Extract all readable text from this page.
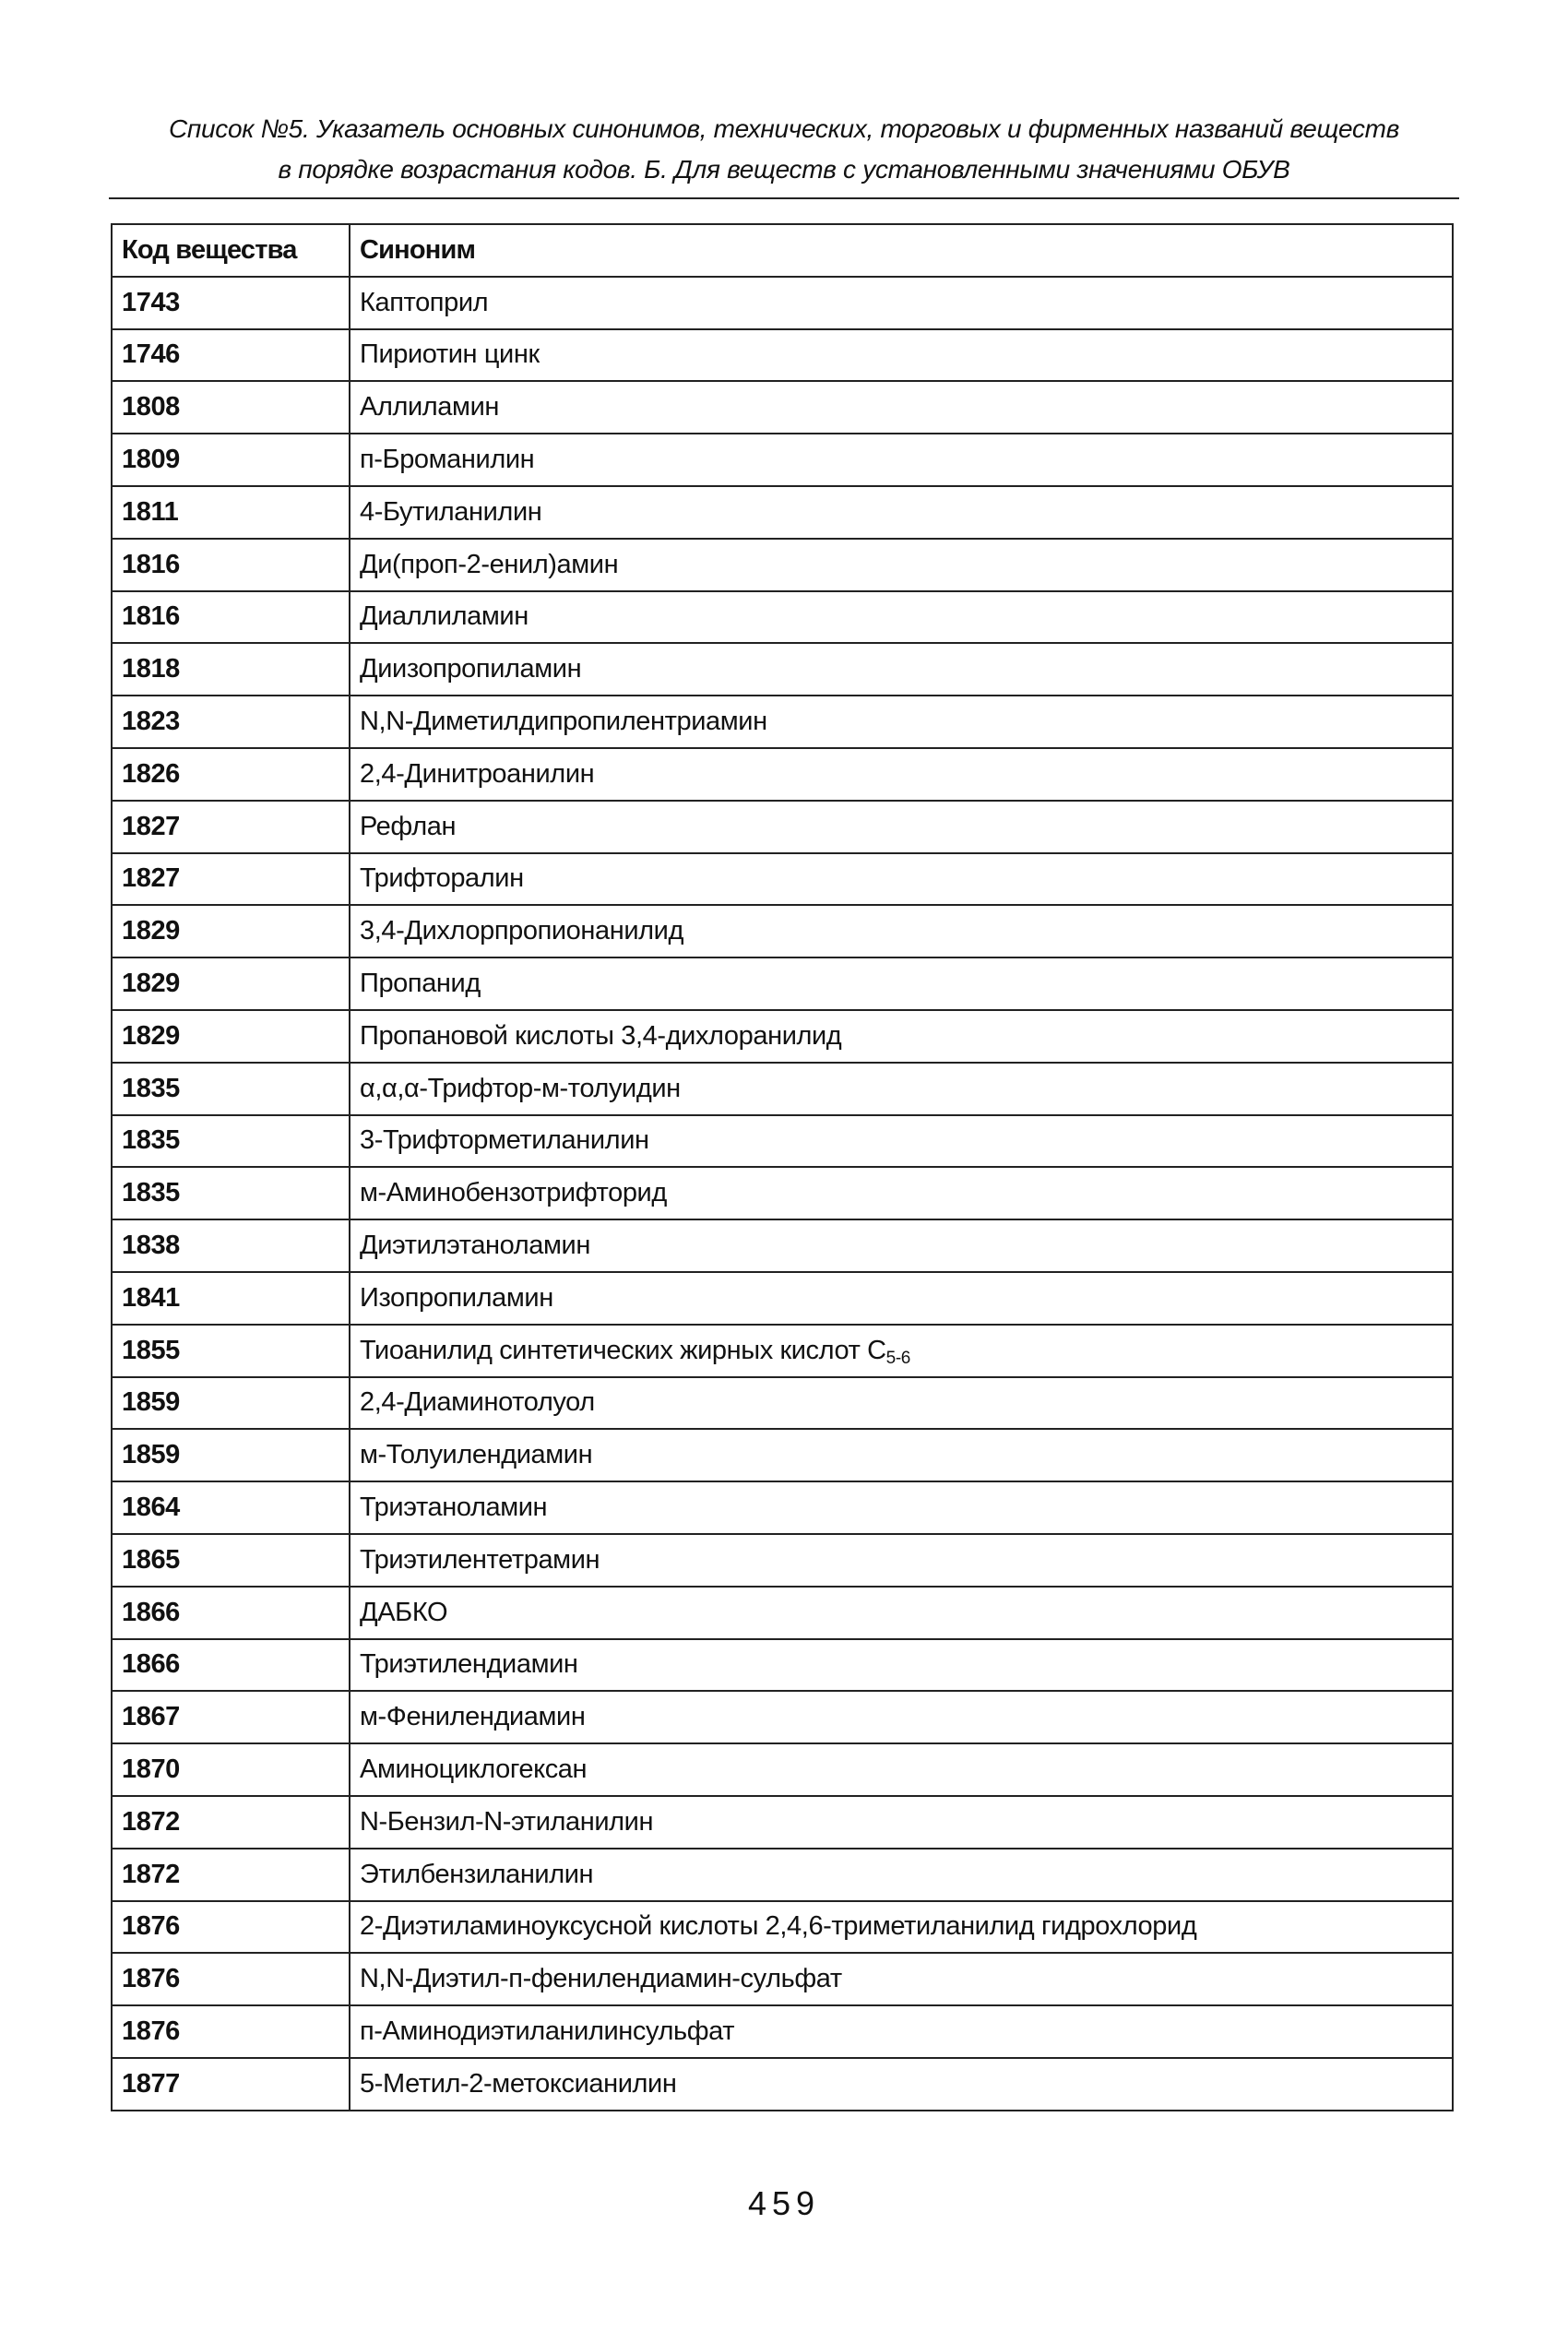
Список №5. Указатель основных синонимов, технических, торговых и фирменных названий веществ
в порядке возрастания кодов. Б. Для веществ с установленными значениями ОБУВ
Код вещества	Синоним
1743	Каптоприл
1746	Пириотин цинк
1808	Аллиламин
1809	п-Броманилин
1811	4-Бутиланилин
1816	Ди(проп-2-енил)амин
1816	Диаллиламин
1818	Диизопропиламин
1823	N,N-Диметилдипропилентриамин
1826	2,4-Динитроанилин
1827	Рефлан
1827	Трифторалин
1829	3,4-Дихлорпропионанилид
1829	Пропанид
1829	Пропановой кислоты 3,4-дихлоранилид
1835	α,α,α-Трифтор-м-толуидин
1835	3-Трифторметиланилин
1835	м-Аминобензотрифторид
1838	Диэтилэтаноламин
1841	Изопропиламин
1855	Тиоанилид синтетических жирных кислот $C_{5-6}$
1859	2,4-Диаминотолуол
1859	м-Толуилендиамин
1864	Триэтаноламин
1865	Триэтилентетрамин
1866	ДАБКО
1866	Триэтилендиамин
1867	м-Фенилендиамин
1870	Аминоциклогексан
1872	N-Бензил-N-этиланилин
1872	Этилбензиланилин
1876	2-Диэтиламиноуксусной кислоты 2,4,6-триметиланилид гидрохлорид
1876	N,N-Диэтил-п-фенилендиамин-сульфат
1876	п-Аминодиэтиланилинсульфат
1877	5-Метил-2-метоксианилин
459
